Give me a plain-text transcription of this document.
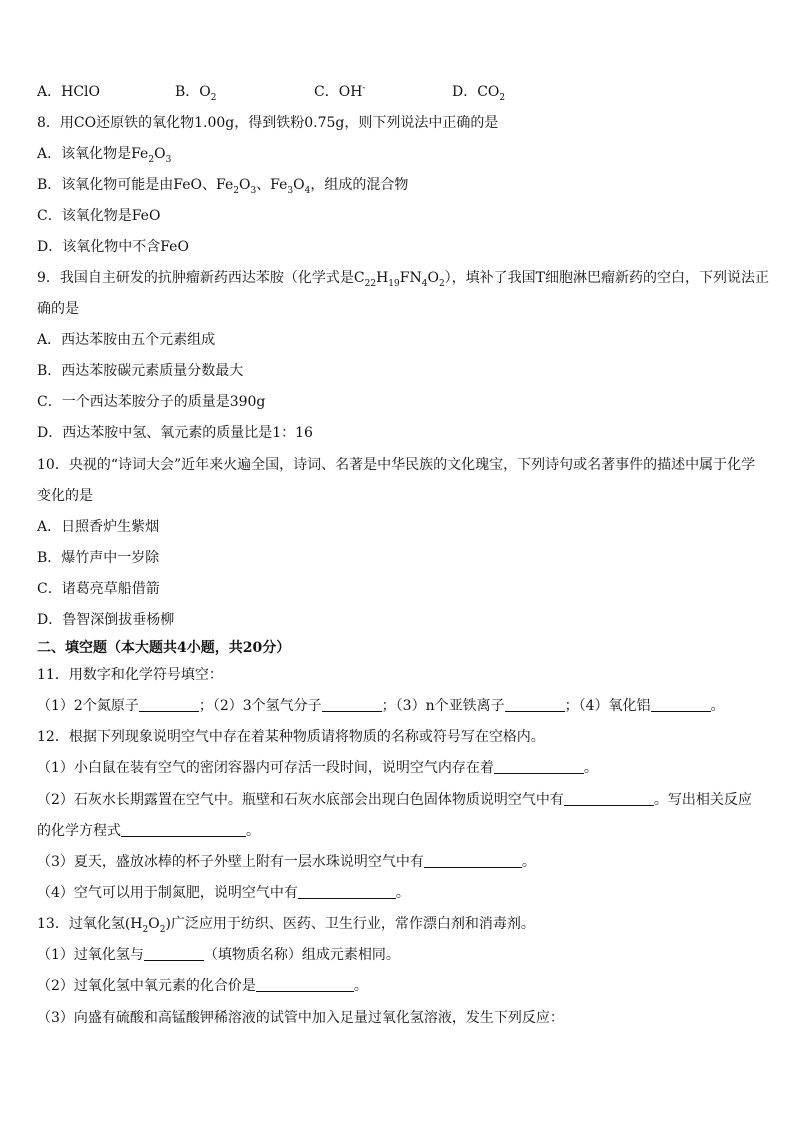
A．HClO	B．$O_2$	C．OH-	D．$CO_2$
8．用CO还原铁的氧化物1.00g，得到铁粉0.75g，则下列说法中正确的是
A．该氧化物是$Fe_2O_3$
B．该氧化物可能是由FeO、$Fe_2O_3$、$Fe_3O_4$，组成的混合物
C．该氧化物是FeO
D．该氧化物中不含FeO
9．我国自主研发的抗肿瘤新药西达苯胺（化学式是$C_{22}H_{19}FN_4O_2$），填补了我国T细胞淋巴瘤新药的空白，下列说法正
确的是
A．西达苯胺由五个元素组成
B．西达苯胺碳元素质量分数最大
C．一个西达苯胺分子的质量是390g
D．西达苯胺中氢、氧元素的质量比是1：16
10．央视的“诗词大会”近年来火遍全国，诗词、名著是中华民族的文化瑰宝，下列诗句或名著事件的描述中属于化学
变化的是
A．日照香炉生紫烟
B．爆竹声中一岁除
C．诸葛亮草船借箭
D．鲁智深倒拔垂杨柳
二、填空题（本大题共4小题，共20分）
11．用数字和化学符号填空：
（1）2个氮原子	；（2）3个氢气分子	；（3）n个亚铁离子	；（4）氧化铝	。
12．根据下列现象说明空气中存在着某种物质请将物质的名称或符号写在空格内。
（1）小白鼠在装有空气的密闭容器内可存活一段时间，说明空气内存在着	。
（2）石灰水长期露置在空气中。瓶壁和石灰水底部会出现白色固体物质说明空气中有	。写出相关反应
的化学方程式	。
（3）夏天，盛放冰棒的杯子外壁上附有一层水珠说明空气中有	。
（4）空气可以用于制氮肥，说明空气中有	。
13．过氧化氢$(H_2O_2)$广泛应用于纺织、医药、卫生行业，常作漂白剂和消毒剂。
（1）过氧化氢与	（填物质名称）组成元素相同。
（2）过氧化氢中氧元素的化合价是	。
（3）向盛有硫酸和高锰酸钾稀溶液的试管中加入足量过氧化氢溶液，发生下列反应：
